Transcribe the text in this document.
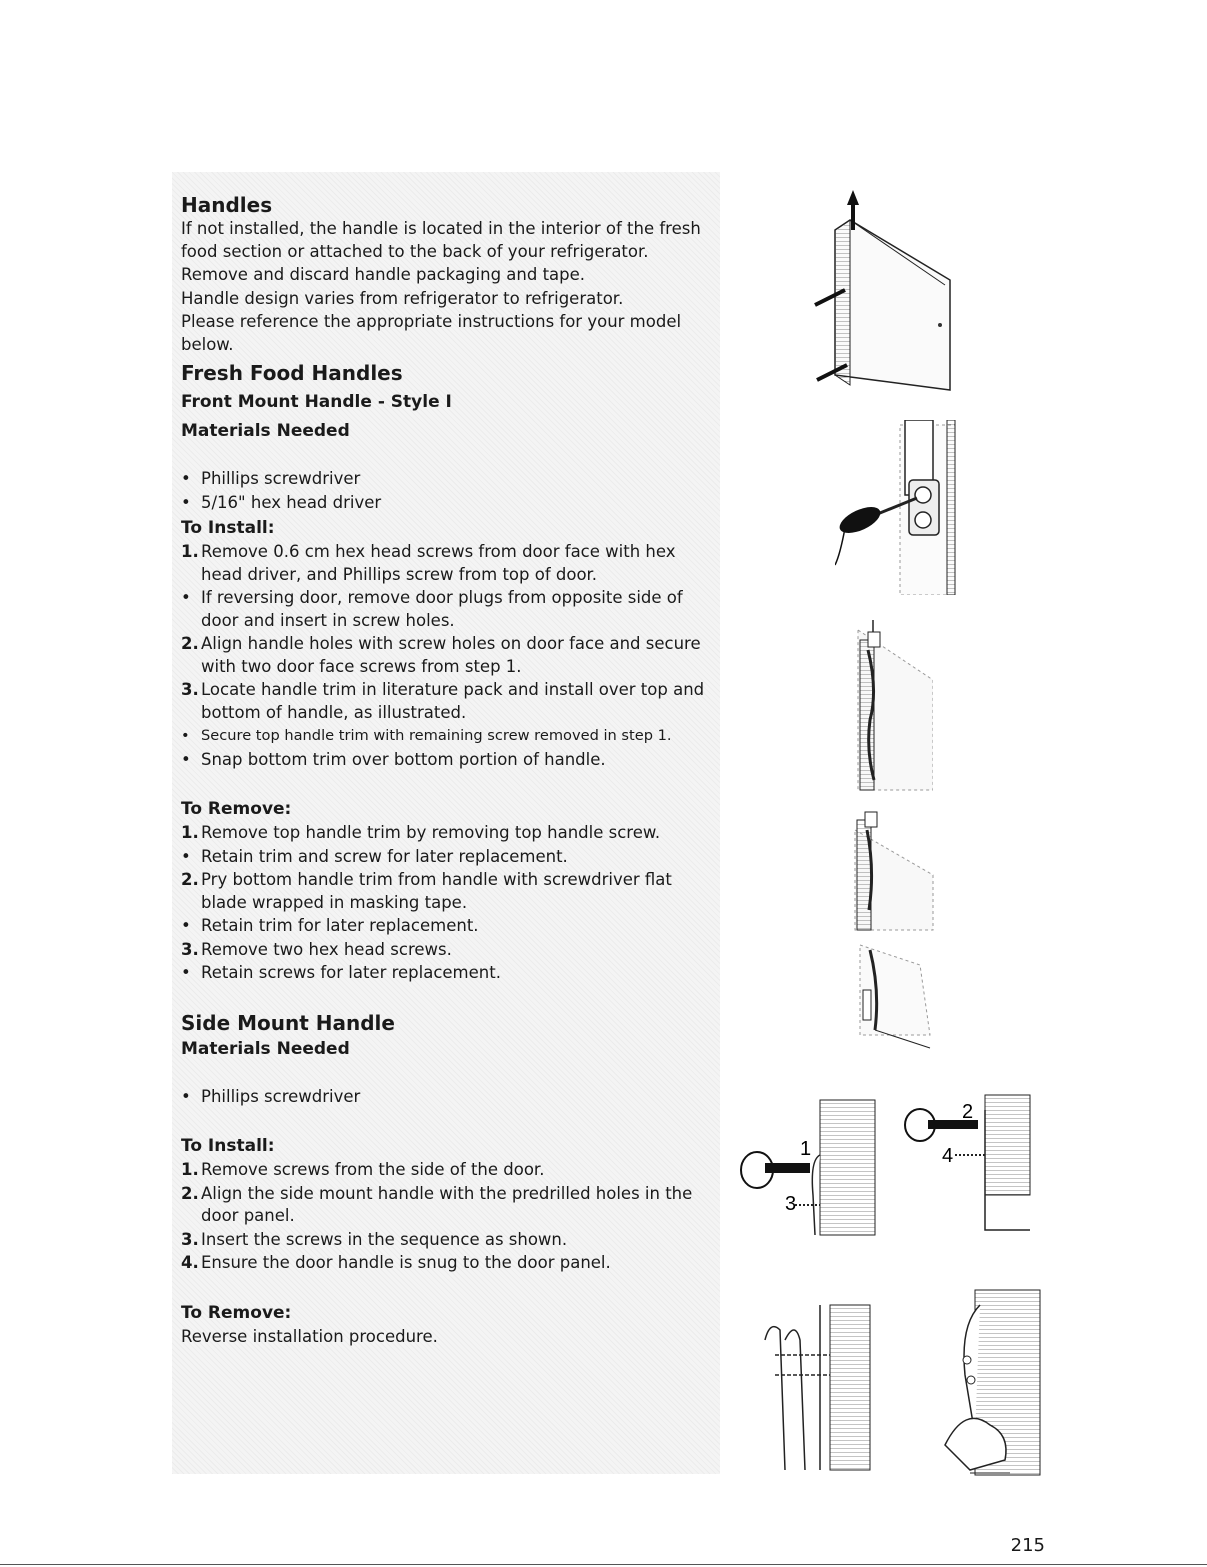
Handles
If not installed, the handle is located in the interior of the fresh food section or attached to the back of your refrigerator.
Remove and discard handle packaging and tape.
Handle design varies from refrigerator to refrigerator.
Please reference the appropriate instructions for your model below.
Fresh Food Handles
Front Mount Handle - Style I
Materials Needed
• Phillips screwdriver
• 5/16" hex head driver
To Install:
1. Remove 0.6 cm hex head screws from door face with hex head driver, and Phillips screw from top of door.
• If reversing door, remove door plugs from opposite side of door and insert in screw holes.
2. Align handle holes with screw holes on door face and secure with two door face screws from step 1.
3. Locate handle trim in literature pack and install over top and bottom of handle, as illustrated.
• Secure top handle trim with remaining screw removed in step 1.
• Snap bottom trim over bottom portion of handle.
To Remove:
1. Remove top handle trim by removing top handle screw.
• Retain trim and screw for later replacement.
2. Pry bottom handle trim from handle with screwdriver flat blade wrapped in masking tape.
• Retain trim for later replacement.
3. Remove two hex head screws.
• Retain screws for later replacement.
Side Mount Handle
Materials Needed
• Phillips screwdriver
To Install:
1. Remove screws from the side of the door.
2. Align the side mount handle with the predrilled holes in the door panel.
3. Insert the screws in the sequence as shown.
4. Ensure the door handle is snug to the door panel.
To Remove:
Reverse installation procedure.
1
3
2
4
215
